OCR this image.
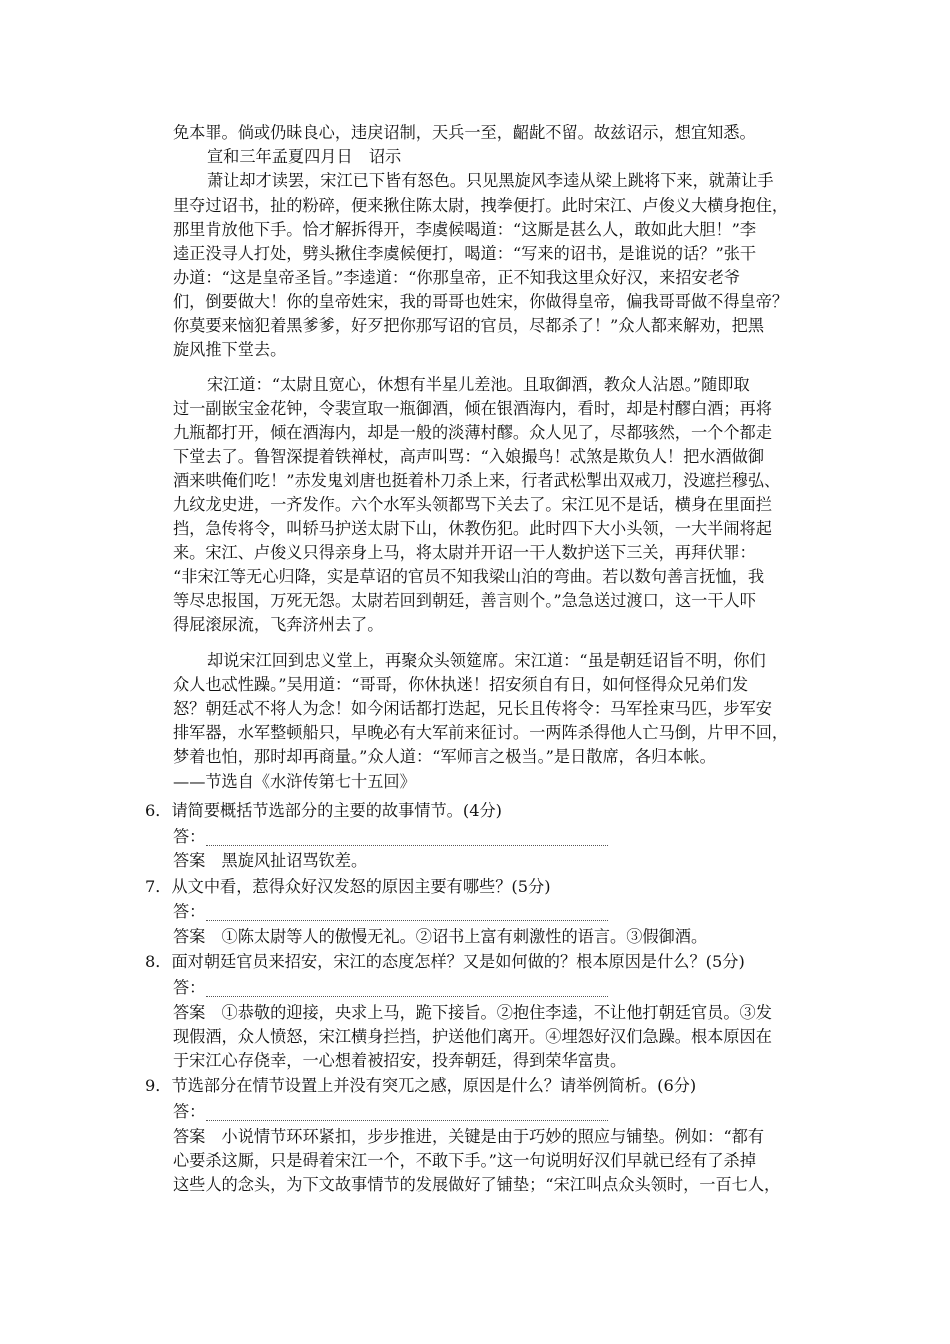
免本罪。倘或仍昧良心，违戾诏制，天兵一至，齠龀不留。故兹诏示，想宜知悉。
宣和三年孟夏四月日　诏示
萧让却才读罢，宋江已下皆有怒色。只见黑旋风李逵从梁上跳将下来，就萧让手
里夺过诏书，扯的粉碎，便来揪住陈太尉，拽拳便打。此时宋江、卢俊义大横身抱住，
那里肯放他下手。恰才解拆得开，李虞候喝道：“这厮是甚么人，敢如此大胆！”李
逵正没寻人打处，劈头揪住李虞候便打，喝道：“写来的诏书，是谁说的话？”张干
办道：“这是皇帝圣旨。”李逵道：“你那皇帝，正不知我这里众好汉，来招安老爷
们，倒要做大！你的皇帝姓宋，我的哥哥也姓宋，你做得皇帝，偏我哥哥做不得皇帝？
你莫要来恼犯着黑爹爹，好歹把你那写诏的官员，尽都杀了！”众人都来解劝，把黑
旋风推下堂去。
宋江道：“太尉且宽心，休想有半星儿差池。且取御酒，教众人沾恩。”随即取
过一副嵌宝金花钟，令裴宣取一瓶御酒，倾在银酒海内，看时，却是村醪白酒；再将
九瓶都打开，倾在酒海内，却是一般的淡薄村醪。众人见了，尽都骇然，一个个都走
下堂去了。鲁智深提着铁禅杖，高声叫骂：“入娘撮鸟！忒煞是欺负人！把水酒做御
酒来哄俺们吃！”赤发鬼刘唐也挺着朴刀杀上来，行者武松掣出双戒刀，没遮拦穆弘、
九纹龙史进，一齐发作。六个水军头领都骂下关去了。宋江见不是话，横身在里面拦
挡，急传将令，叫轿马护送太尉下山，休教伤犯。此时四下大小头领，一大半闹将起
来。宋江、卢俊义只得亲身上马，将太尉并开诏一干人数护送下三关，再拜伏罪：
“非宋江等无心归降，实是草诏的官员不知我梁山泊的弯曲。若以数句善言抚恤，我
等尽忠报国，万死无怨。太尉若回到朝廷，善言则个。”急急送过渡口，这一干人吓
得屁滚尿流，飞奔济州去了。
却说宋江回到忠义堂上，再聚众头领筵席。宋江道：“虽是朝廷诏旨不明，你们
众人也忒性躁。”吴用道：“哥哥，你休执迷！招安须自有日，如何怪得众兄弟们发
怒？朝廷忒不将人为念！如今闲话都打迭起，兄长且传将令：马军拴束马匹，步军安
排军器，水军整顿船只，早晚必有大军前来征讨。一两阵杀得他人亡马倒，片甲不回，
梦着也怕，那时却再商量。”众人道：“军师言之极当。”是日散席，各归本帐。
——节选自《水浒传第七十五回》
6．请简要概括节选部分的主要的故事情节。(4分)
答：
答案　黑旋风扯诏骂钦差。
7．从文中看，惹得众好汉发怒的原因主要有哪些？(5分)
答：
答案　①陈太尉等人的傲慢无礼。②诏书上富有刺激性的语言。③假御酒。
8．面对朝廷官员来招安，宋江的态度怎样？又是如何做的？根本原因是什么？(5分)
答：
答案　①恭敬的迎接，央求上马，跪下接旨。②抱住李逵，不让他打朝廷官员。③发
现假酒，众人愤怒，宋江横身拦挡，护送他们离开。④埋怨好汉们急躁。根本原因在
于宋江心存侥幸，一心想着被招安，投奔朝廷，得到荣华富贵。
9．节选部分在情节设置上并没有突兀之感，原因是什么？请举例简析。(6分)
答：
答案　小说情节环环紧扣，步步推进，关键是由于巧妙的照应与铺垫。例如：“都有
心要杀这厮，只是碍着宋江一个，不敢下手。”这一句说明好汉们早就已经有了杀掉
这些人的念头，为下文故事情节的发展做好了铺垫；“宋江叫点众头领时，一百七人，
